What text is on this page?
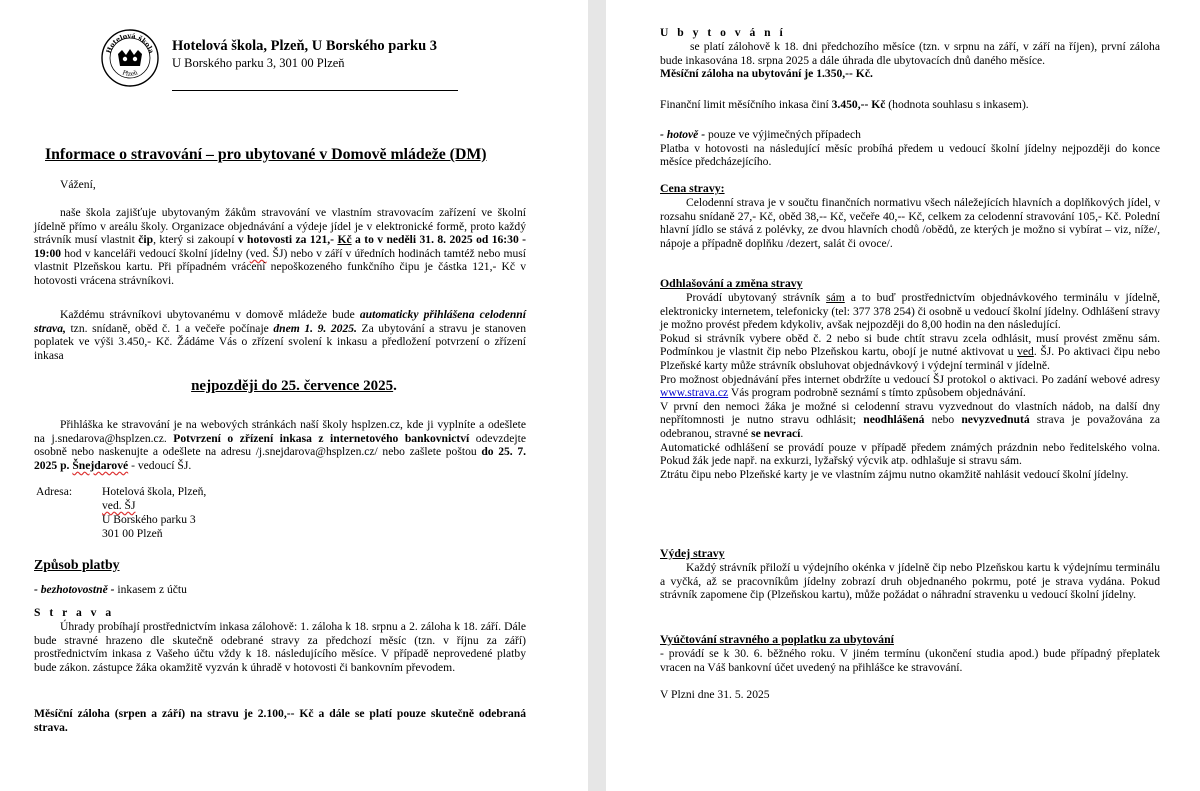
Hotelová škola
Plzeň
Hotelová škola, Plzeň, U Borského parku 3
U Borského parku 3, 301 00 Plzeň
Informace o stravování – pro ubytované v Domově mládeže (DM)

Vážení,

naše škola zajišťuje ubytovaným žákům stravování ve vlastním stravovacím zařízení ve školní jídelně přímo v areálu školy. Organizace objednávání a výdeje jídel je v elektronické formě, proto každý strávník musí vlastnit čip, který si zakoupí v hotovosti za 121,- Kč a to v neděli 31. 8. 2025 od 16:30 - 19:00 hod v kanceláři vedoucí školní jídelny (ved. ŠJ) nebo v září v úředních hodinách tamtéž nebo musí vlastnit Plzeňskou kartu. Při případném vrácení nepoškozeného funkčního čipu je částka 121,- Kč v hotovosti vrácena strávníkovi.

Každému strávníkovi ubytovanému v domově mládeže bude automaticky přihlášena celodenní strava, tzn. snídaně, oběd č. 1 a večeře počínaje dnem 1. 9. 2025. Za ubytování a stravu je stanoven poplatek ve výši 3.450,- Kč. Žádáme Vás o zřízení svolení k inkasu a předložení potvrzení o zřízení inkasa

nejpozději do 25. července 2025.

Přihláška ke stravování je na webových stránkách naší školy hsplzen.cz, kde ji vyplníte a odešlete na j.snedarova@hsplzen.cz. Potvrzení o zřízení inkasa z internetového bankovnictví odevzdejte osobně nebo naskenujte a odešlete na adresu /j.snejdarova@hsplzen.cz/ nebo zašlete poštou do 25. 7. 2025 p. Šnejdarové - vedoucí ŠJ.

Adresa:	Hotelová škola, Plzeň,
ved. ŠJ
U Borského parku 3
301 00 Plzeň
Způsob platby

- bezhotovostně - inkasem z účtu

S t r a v a

Úhrady probíhají prostřednictvím inkasa zálohově: 1. záloha k 18. srpnu a 2. záloha k 18. září. Dále bude stravné hrazeno dle skutečně odebrané stravy za předchozí měsíc (tzn. v říjnu za září) prostřednictvím inkasa z Vašeho účtu vždy k 18. následujícího měsíce. V případě neprovedené platby bude zákon. zástupce žáka okamžitě vyzván k úhradě v hotovosti či bankovním převodem.

Měsíční záloha (srpen a září) na stravu je 2.100,-- Kč a dále se platí pouze skutečně odebraná strava.

U b y t o v á n í

se platí zálohově k 18. dni předchozího měsíce (tzn. v srpnu na září, v září na říjen), první záloha bude inkasována 18. srpna 2025 a dále úhrada dle ubytovacích dnů daného měsíce.

Měsíční záloha na ubytování je 1.350,-- Kč.

Finanční limit měsíčního inkasa činí 3.450,-- Kč (hodnota souhlasu s inkasem).

- hotově - pouze ve výjimečných případech

Platba v hotovosti na následující měsíc probíhá předem u vedoucí školní jídelny nejpozději do konce měsíce předcházejícího.

Cena stravy:

Celodenní strava je v součtu finančních normativu všech náležejících hlavních a doplňkových jídel, v rozsahu snídaně 27,- Kč, oběd 38,-- Kč, večeře 40,-- Kč, celkem za celodenní stravování 105,- Kč. Polední hlavní jídlo se stává z polévky, ze dvou hlavních chodů /obědů, ze kterých je možno si vybírat – viz, níže/, nápoje a případně doplňku /dezert, salát či ovoce/.

Odhlašování a změna stravy

Provádí ubytovaný strávník sám a to buď prostřednictvím objednávkového terminálu v jídelně, elektronicky internetem, telefonicky (tel: 377 378 254) či osobně u vedoucí školní jídelny. Odhlášení stravy je možno provést předem kdykoliv, avšak nejpozději do 8,00 hodin na den následující.

Pokud si strávník vybere oběd č. 2 nebo si bude chtít stravu zcela odhlásit, musí provést změnu sám. Podmínkou je vlastnit čip nebo Plzeňskou kartu, obojí je nutné aktivovat u ved. ŠJ. Po aktivaci čipu nebo Plzeňské karty může strávník obsluhovat objednávkový i výdejní terminál v jídelně.

Pro možnost objednávání přes internet obdržíte u vedoucí ŠJ protokol o aktivaci. Po zadání webové adresy www.strava.cz Vás program podrobně seznámí s tímto způsobem objednávání.

V první den nemoci žáka je možné si celodenní stravu vyzvednout do vlastních nádob, na další dny nepřítomnosti je nutno stravu odhlásit; neodhlášená nebo nevyzvednutá strava je považována za odebranou, stravné se nevrací.

Automatické odhlášení se provádí pouze v případě předem známých prázdnin nebo ředitelského volna. Pokud žák jede např. na exkurzi, lyžařský výcvik atp. odhlašuje si stravu sám.

Ztrátu čipu nebo Plzeňské karty je ve vlastním zájmu nutno okamžitě nahlásit vedoucí školní jídelny.

Výdej stravy

Každý strávník přiloží u výdejního okénka v jídelně čip nebo Plzeňskou kartu k výdejnímu terminálu a vyčká, až se pracovníkům jídelny zobrazí druh objednaného pokrmu, poté je strava vydána. Pokud strávník zapomene čip (Plzeňskou kartu), může požádat o náhradní stravenku u vedoucí školní jídelny.

Vyúčtování stravného a poplatku za ubytování

- provádí se k 30. 6. běžného roku. V jiném termínu (ukončení studia apod.) bude případný přeplatek vracen na Váš bankovní účet uvedený na přihlášce ke stravování.

V Plzni dne 31. 5. 2025
